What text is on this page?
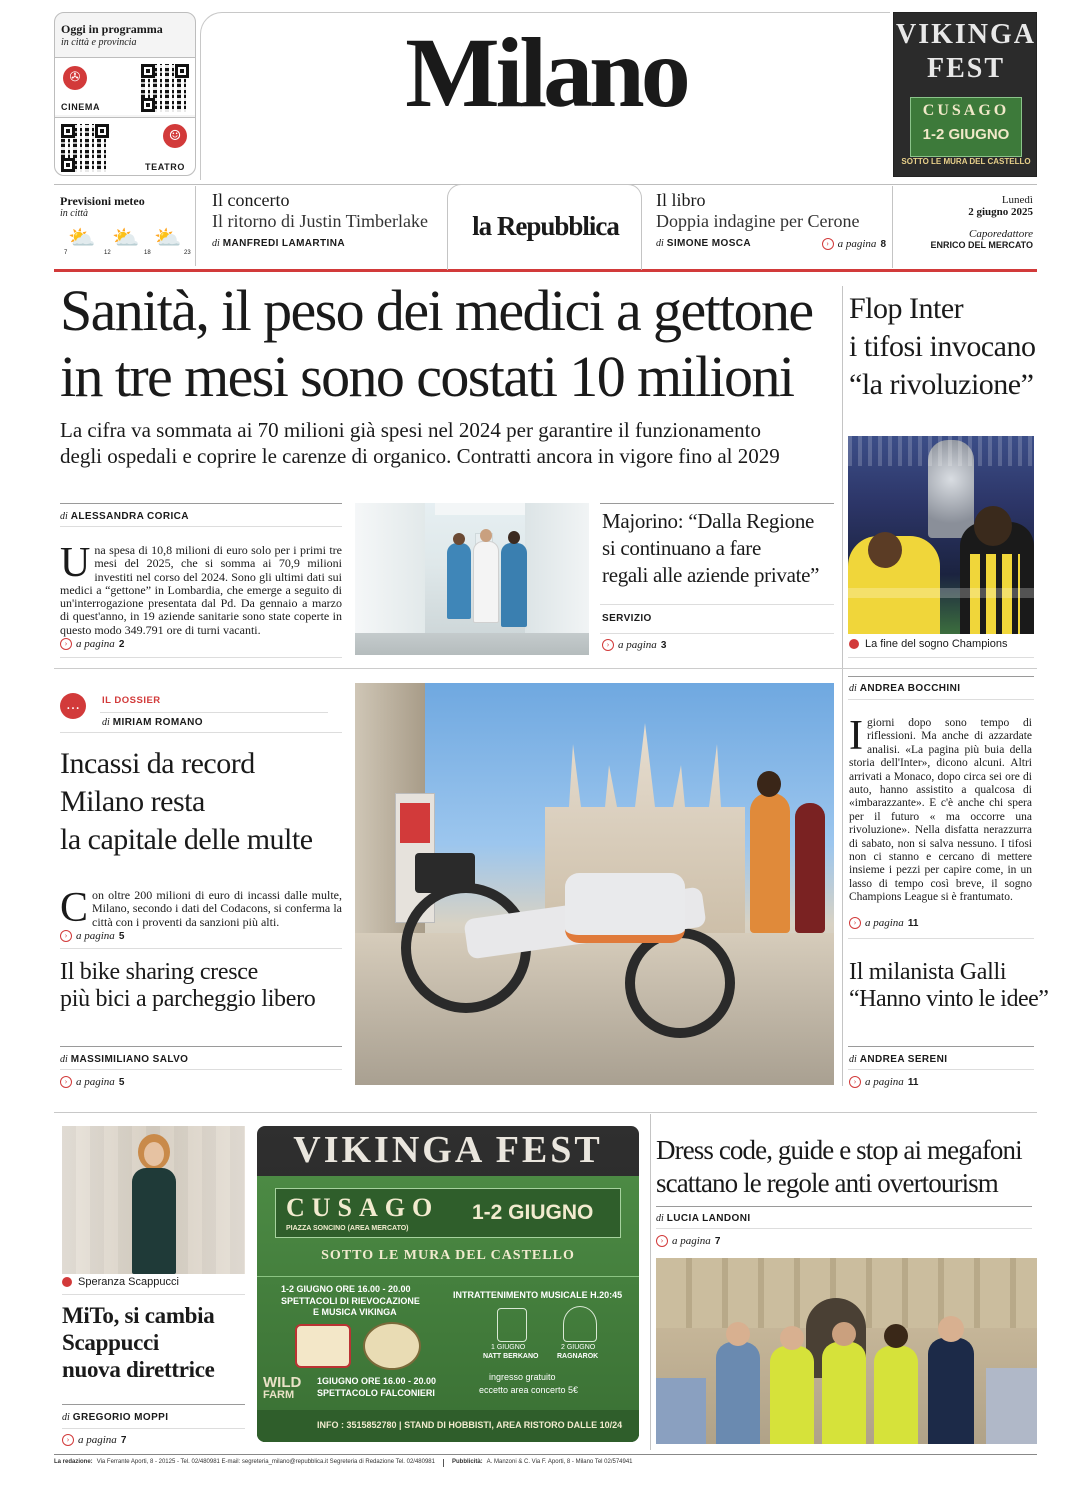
Oggi in programma
in città e provincia
✇
CINEMA
☺
TEATRO
Milano	VIKINGA
FEST
CUSAGO
1-2 GIUGNO
SOTTO LE MURA DEL CASTELLO
Previsioni meteo
in città
⛅ ⛅ ⛅
7	12	18	23
Il concerto
Il ritorno di Justin Timberlake
di MANFREDI LAMARTINA
la Repubblica
Il libro
Doppia indagine per Cerone
di SIMONE MOSCA	› a pagina 8
Lunedì
2 giugno 2025
Caporedattore
ENRICO DEL MERCATO
Sanità, il peso dei medici a gettone
in tre mesi sono costati 10 milioni
La cifra va sommata ai 70 milioni già spesi nel 2024 per garantire il funzionamento
degli ospedali e coprire le carenze di organico. Contratti ancora in vigore fino al 2029
di ALESSANDRA CORICA
Una spesa di 10,8 milioni di euro solo per i primi tre mesi del 2025, che si somma ai 70,9 milioni investiti nel corso del 2024. Sono gli ultimi dati sui medici a “gettone” in Lombardia, che emerge a seguito di un'interrogazione presentata dal Pd. Da gennaio a marzo di quest'anno, in 19 aziende sanitarie sono state coperte in questo modo 349.791 ore di turni vacanti.
› a pagina 2
Majorino: “Dalla Regione
si continuano a fare
regali alle aziende private”
SERVIZIO
› a pagina 3
Flop Inter
i tifosi invocano
“la rivoluzione”
La fine del sogno Champions
di ANDREA BOCCHINI
Igiorni dopo sono tempo di riflessioni. Ma anche di azzardate analisi. «La pagina più buia della storia dell'Inter», dicono alcuni. Altri arrivati a Monaco, dopo circa sei ore di auto, hanno assistito a qualcosa di «imbarazzante». E c'è anche chi spera per il futuro « ma occorre una rivoluzione». Nella disfatta nerazzurra di sabato, non si salva nessuno. I tifosi non ci stanno e cercano di mettere insieme i pezzi per capire come, in un lasso di tempo così breve, il sogno Champions League si è frantumato.
› a pagina 11
…	IL DOSSIER
di MIRIAM ROMANO
Incassi da record
Milano resta
la capitale delle multe
Con oltre 200 milioni di euro di incassi dalle multe, Milano, secondo i dati del Codacons, si conferma la città con i proventi da sanzioni più alti.
› a pagina 5
Il bike sharing cresce
più bici a parcheggio libero
di MASSIMILIANO SALVO
› a pagina 5
Il milanista Galli
“Hanno vinto le idee”
di ANDREA SERENI
› a pagina 11
Speranza Scappucci
MiTo, si cambia
Scappucci
nuova direttrice
di GREGORIO MOPPI
› a pagina 7
VIKINGA FEST
CUSAGO
PIAZZA SONCINO (AREA MERCATO)
1-2 GIUGNO
SOTTO LE MURA DEL CASTELLO
1-2 GIUGNO ORE 16.00 - 20.00
SPETTACOLI DI RIEVOCAZIONE
E MUSICA VIKINGA
INTRATTENIMENTO MUSICALE H.20:45
1 GIUGNO
NATT BERKANO
2 GIUGNO
RAGNAROK
WILD
FARM
1GIUGNO ORE 16.00 - 20.00
SPETTACOLO FALCONIERI
ingresso gratuito
eccetto area concerto 5€
INFO : 3515852780 | STAND DI HOBBISTI, AREA RISTORO DALLE 10/24
Dress code, guide e stop ai megafoni
scattano le regole anti overtourism
di LUCIA LANDONI
› a pagina 7
La redazione: Via Ferrante Aporti, 8 - 20125 - Tel. 02/480981 E-mail: segreteria_milano@repubblica.it Segreteria di Redazione Tel. 02/480981	Pubblicità: A. Manzoni & C. Via F. Aporti, 8 - Milano Tel 02/574941
